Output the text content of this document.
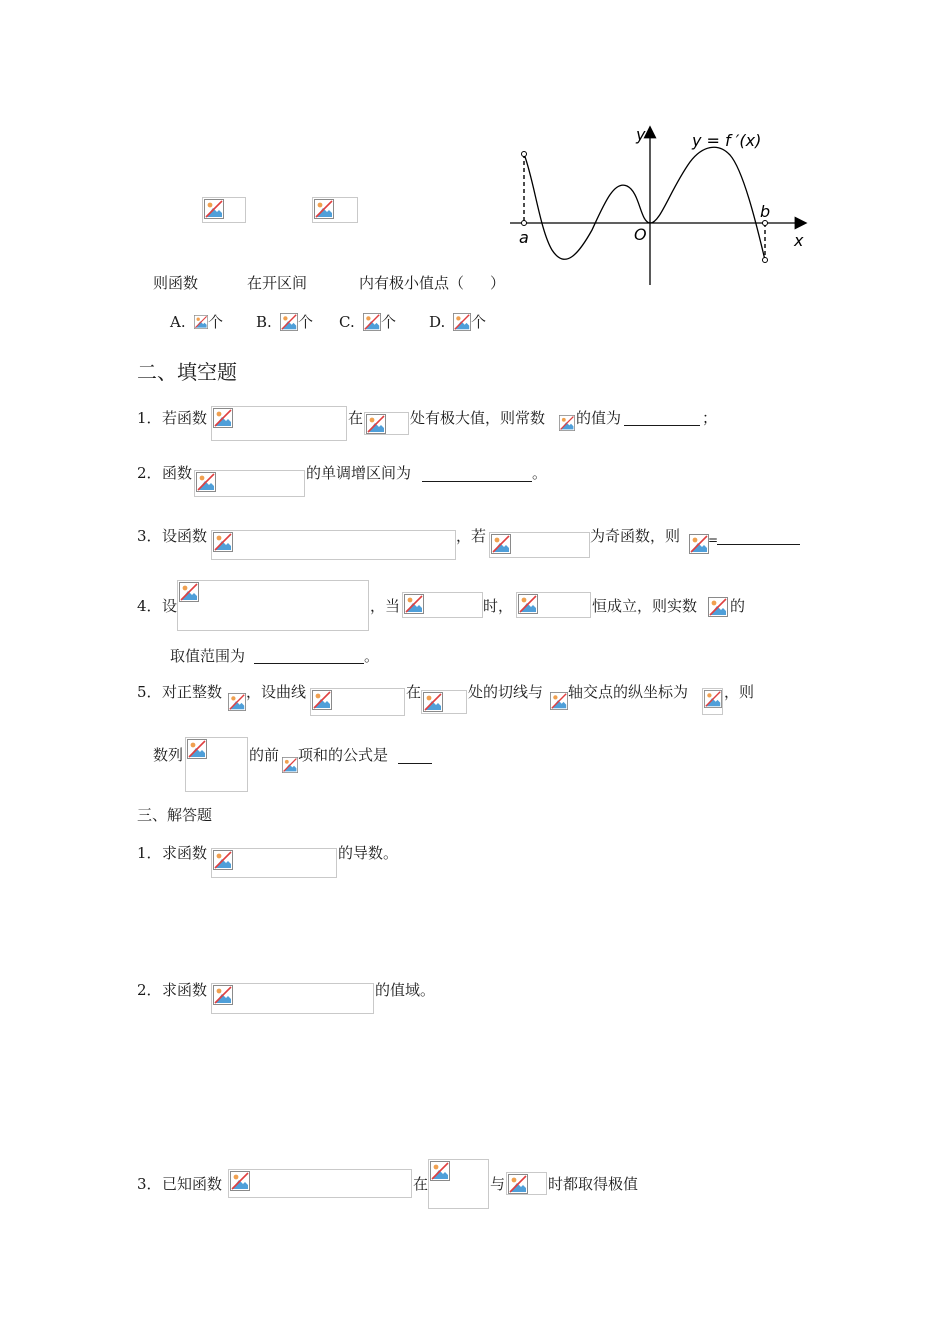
y = f ′(x)
y
x
a
b
O
则函数	在开区间	内有极小值点（ ）
A. 个 B. 个 C. 个 D. 个
二、填空题
1． 若函数	在	处有极大值，则常数 的值为	；
2． 函数	的单调增区间为	。
3． 设函数	，若	为奇函数，则 =
4． 设	，当	时，	恒成立，则实数 的
取值范围为	。
5． 对正整数 ，设曲线	在	处的切线与 轴交点的纵坐标为 ，则
数列	的前 项和的公式是
三、解答题
1． 求函数	的导数。
2． 求函数	的值域。
3． 已知函数	在	与	时都取得极值
